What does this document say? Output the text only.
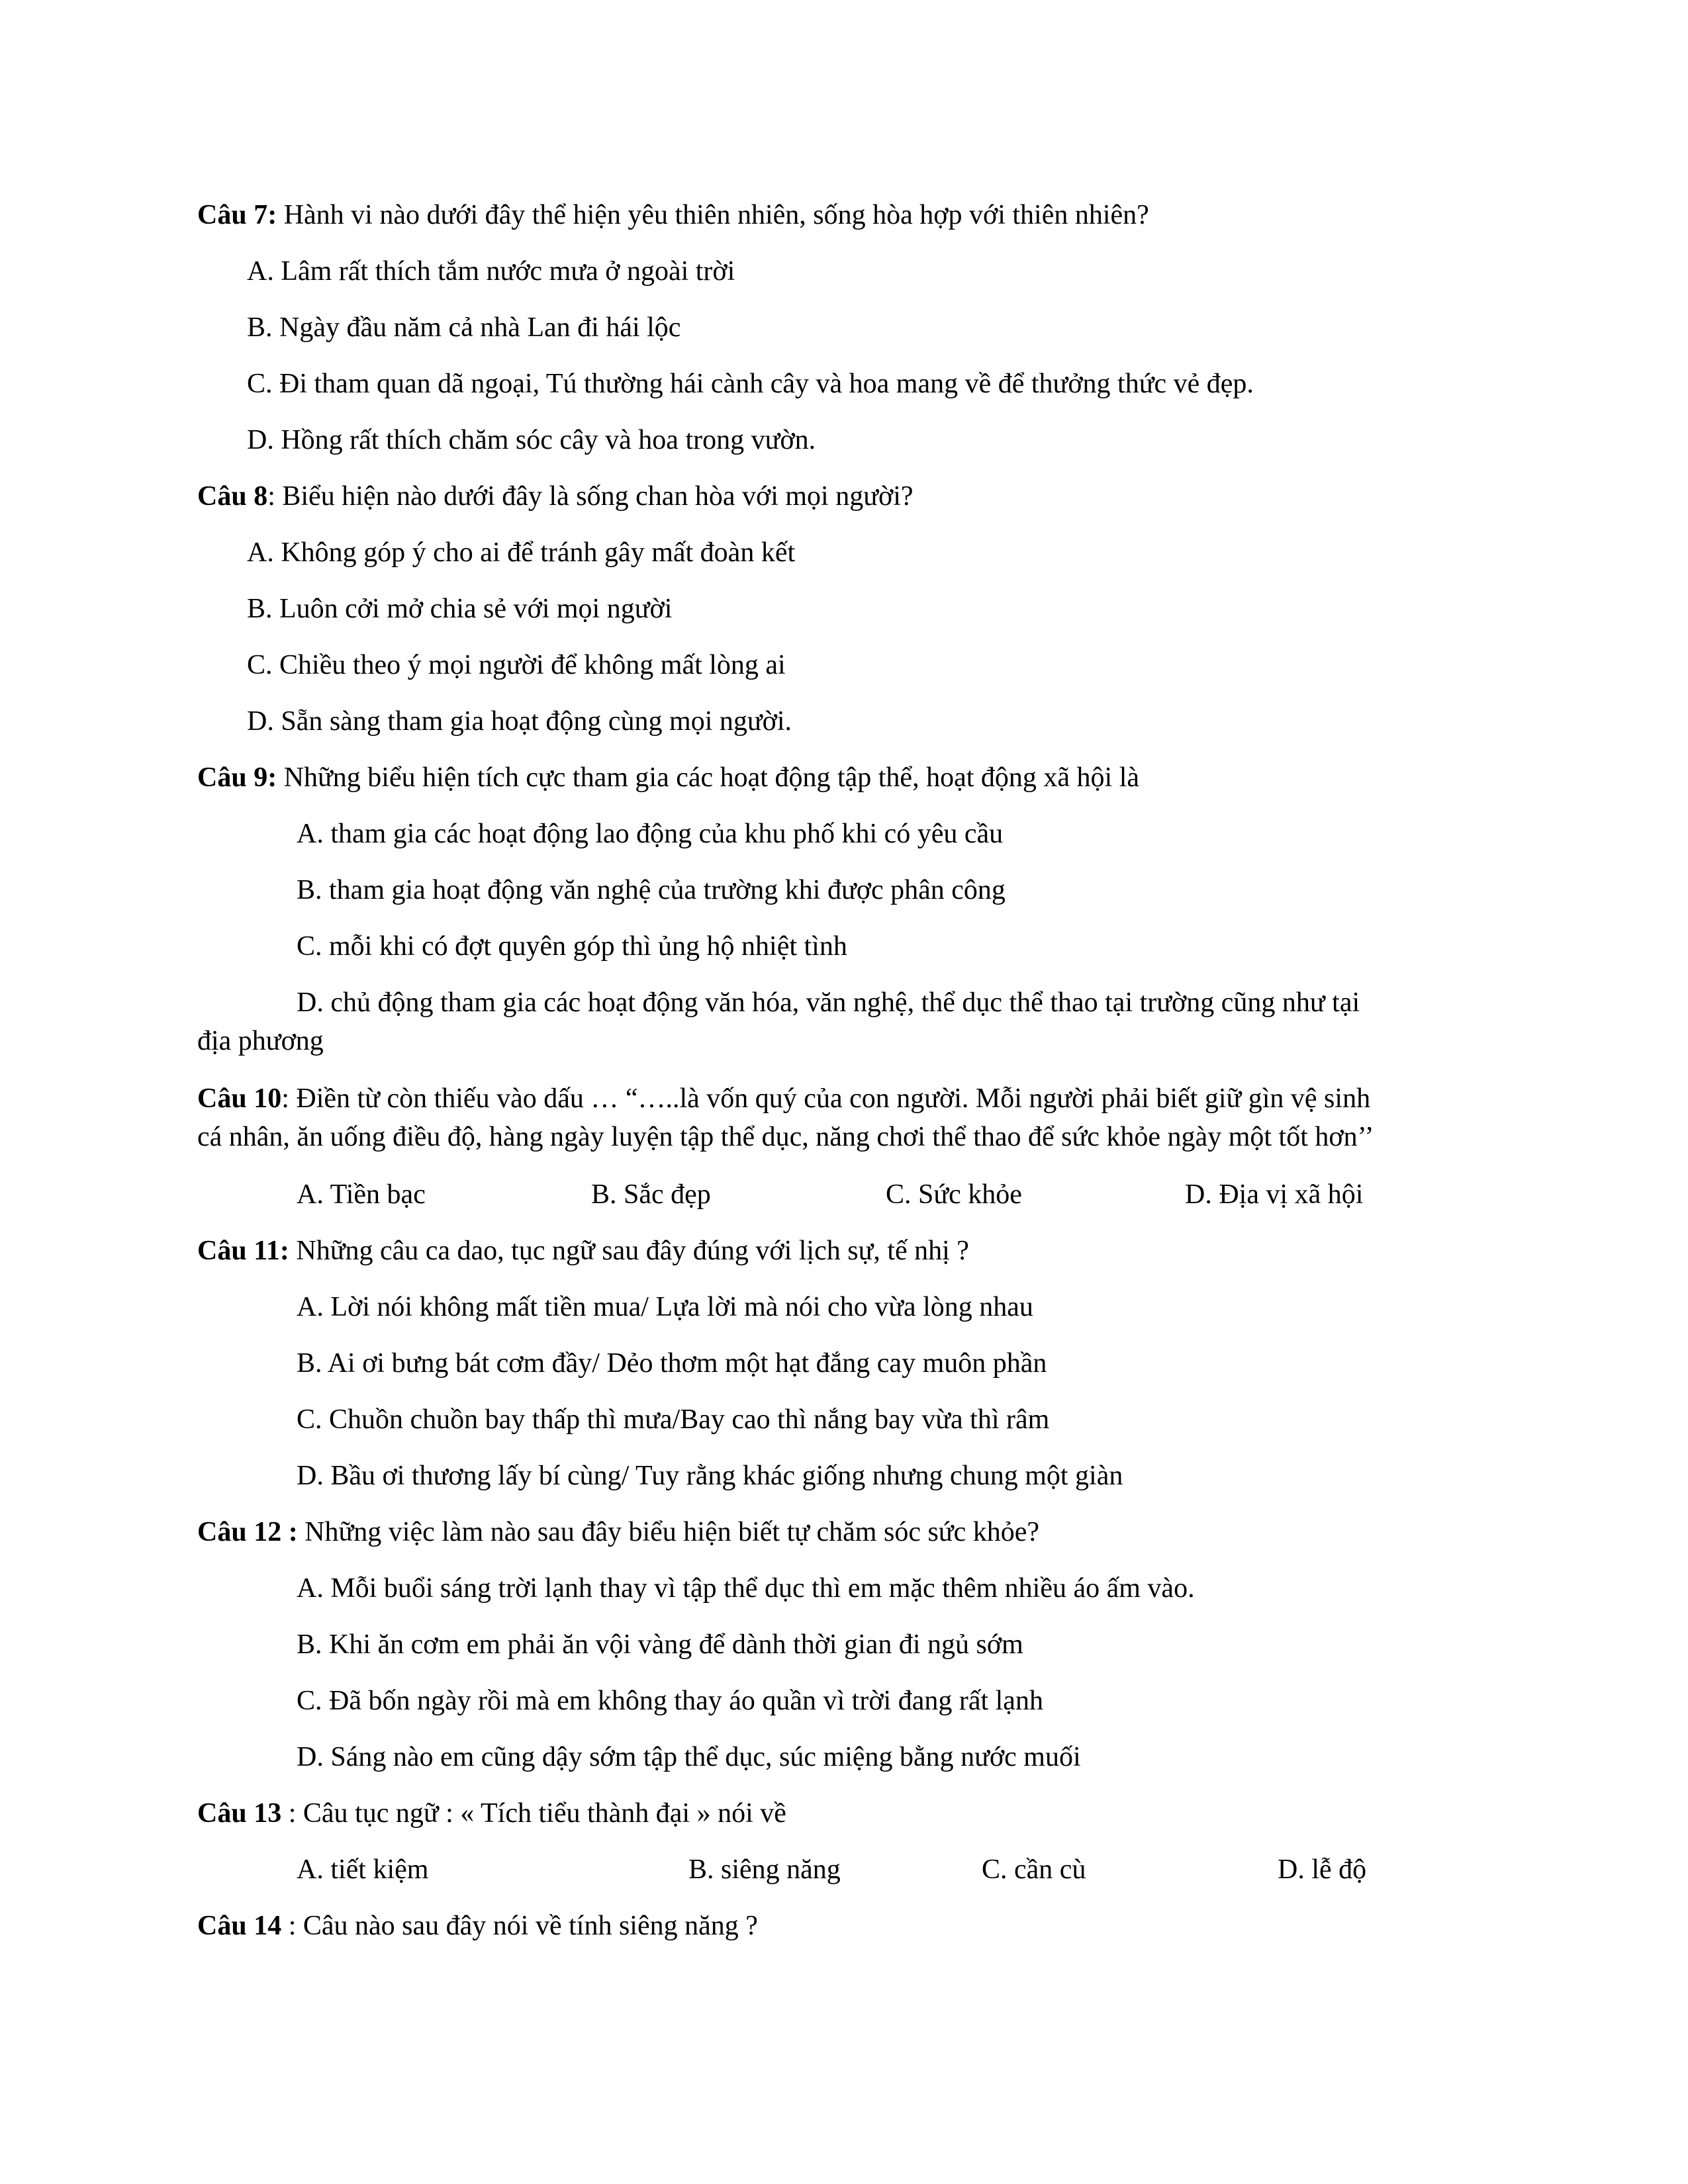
Câu 7: Hành vi nào dưới đây thể hiện yêu thiên nhiên, sống hòa hợp với thiên nhiên?
A. Lâm rất thích tắm nước mưa ở ngoài trời
B. Ngày đầu năm cả nhà Lan đi hái lộc
C. Đi tham quan dã ngoại, Tú thường hái cành cây và hoa mang về để thưởng thức vẻ đẹp.
D. Hồng rất thích chăm sóc cây và hoa trong vườn.
Câu 8: Biểu hiện nào dưới đây là sống chan hòa với mọi người?
A. Không góp ý cho ai để tránh gây mất đoàn kết
B. Luôn cởi mở chia sẻ với mọi người
C. Chiều theo ý mọi người để không mất lòng ai
D. Sẵn sàng tham gia hoạt động cùng mọi người.
Câu 9: Những biểu hiện tích cực tham gia các hoạt động tập thể, hoạt động xã hội là
A. tham gia các hoạt động lao động của khu phố khi có yêu cầu
B. tham gia hoạt động văn nghệ của trường khi được phân công
C. mỗi khi có đợt quyên góp thì ủng hộ nhiệt tình
D. chủ động tham gia các hoạt động văn hóa, văn nghệ, thể dục thể thao tại trường cũng như tại
địa phương
Câu 10: Điền từ còn thiếu vào dấu … “…..là vốn quý của con người. Mỗi người phải biết giữ gìn vệ sinh
cá nhân, ăn uống điều độ, hàng ngày luyện tập thể dục, năng chơi thể thao để sức khỏe ngày một tốt hơn’’
A. Tiền bạc	B. Sắc đẹp	C. Sức khỏe	D. Địa vị xã hội
Câu 11: Những câu ca dao, tục ngữ sau đây đúng với lịch sự, tế nhị ?
A. Lời nói không mất tiền mua/ Lựa lời mà nói cho vừa lòng nhau
B. Ai ơi bưng bát cơm đầy/ Dẻo thơm một hạt đắng cay muôn phần
C. Chuồn chuồn bay thấp thì mưa/Bay cao thì nắng bay vừa thì râm
D. Bầu ơi thương lấy bí cùng/ Tuy rằng khác giống nhưng chung một giàn
Câu 12 : Những việc làm nào sau đây biểu hiện biết tự chăm sóc sức khỏe?
A. Mỗi buổi sáng trời lạnh thay vì tập thể dục thì em mặc thêm nhiều áo ấm vào.
B. Khi ăn cơm em phải ăn vội vàng để dành thời gian đi ngủ sớm
C. Đã bốn ngày rồi mà em không thay áo quần vì trời đang rất lạnh
D. Sáng nào em cũng dậy sớm tập thể dục, súc miệng bằng nước muối
Câu 13 : Câu tục ngữ : « Tích tiểu thành đại » nói về
A. tiết kiệm	B. siêng năng	C. cần cù	D. lễ độ
Câu 14 : Câu nào sau đây nói về tính siêng năng ?
